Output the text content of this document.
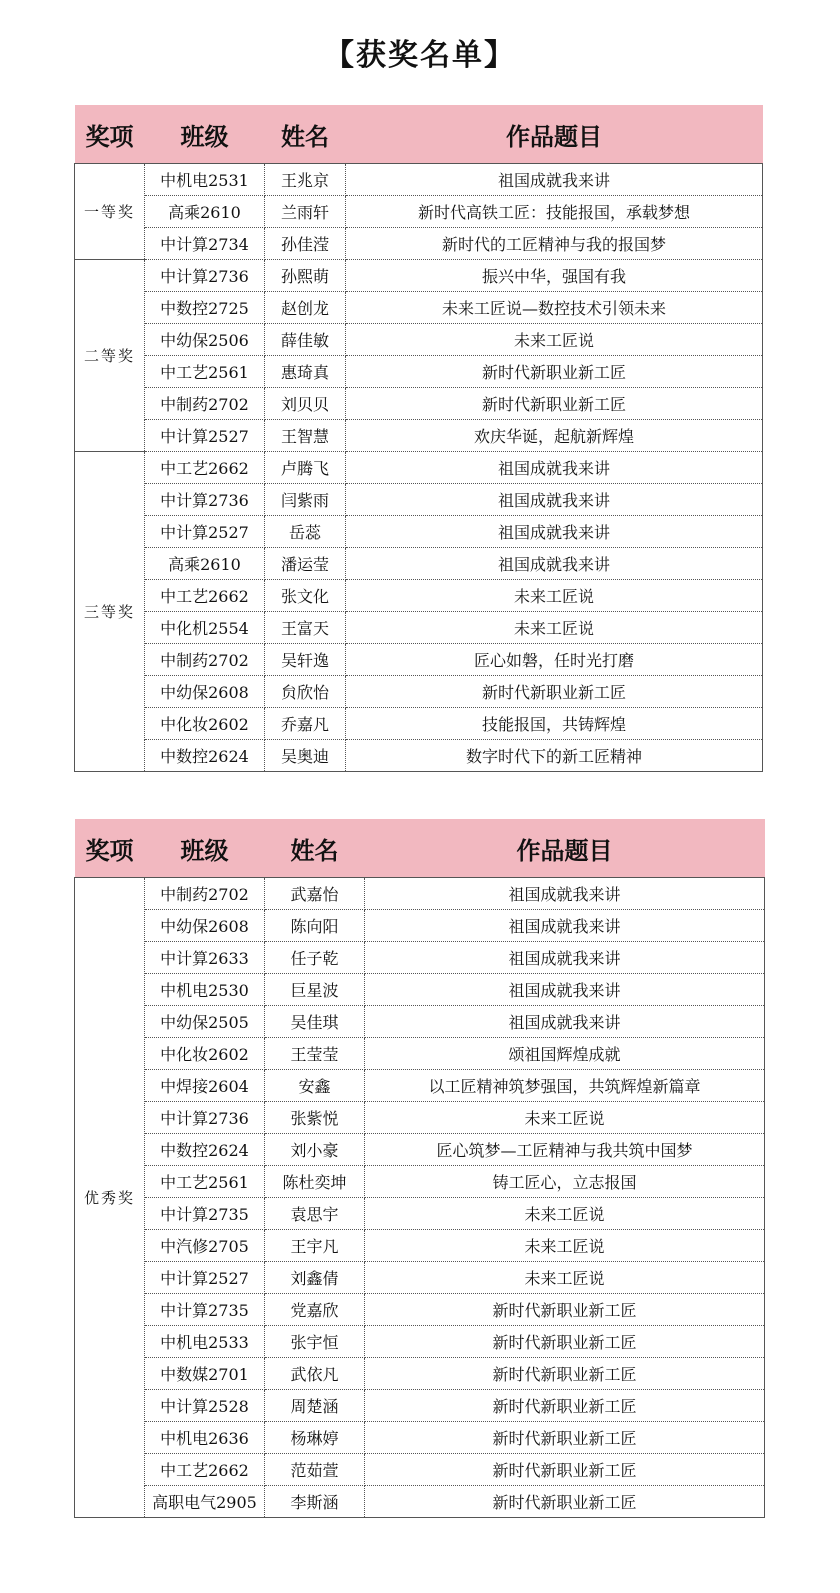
【获奖名单】
奖项	班级	姓名	作品题目
一等奖	中机电2531	王兆京	祖国成就我来讲
	高乘2610	兰雨轩	新时代高铁工匠：技能报国，承载梦想
	中计算2734	孙佳滢	新时代的工匠精神与我的报国梦
二等奖	中计算2736	孙熙萌	振兴中华，强国有我
	中数控2725	赵创龙	未来工匠说—数控技术引领未来
	中幼保2506	薛佳敏	未来工匠说
	中工艺2561	惠琦真	新时代新职业新工匠
	中制药2702	刘贝贝	新时代新职业新工匠
	中计算2527	王智慧	欢庆华诞，起航新辉煌
三等奖	中工艺2662	卢腾飞	祖国成就我来讲
	中计算2736	闫紫雨	祖国成就我来讲
	中计算2527	岳蕊	祖国成就我来讲
	高乘2610	潘运莹	祖国成就我来讲
	中工艺2662	张文化	未来工匠说
	中化机2554	王富天	未来工匠说
	中制药2702	吴轩逸	匠心如磐，任时光打磨
	中幼保2608	贠欣怡	新时代新职业新工匠
	中化妆2602	乔嘉凡	技能报国，共铸辉煌
	中数控2624	吴奥迪	数字时代下的新工匠精神
奖项	班级	姓名	作品题目
优秀奖	中制药2702	武嘉怡	祖国成就我来讲
	中幼保2608	陈向阳	祖国成就我来讲
	中计算2633	任子乾	祖国成就我来讲
	中机电2530	巨星波	祖国成就我来讲
	中幼保2505	吴佳琪	祖国成就我来讲
	中化妆2602	王莹莹	颂祖国辉煌成就
	中焊接2604	安鑫	以工匠精神筑梦强国，共筑辉煌新篇章
	中计算2736	张紫悦	未来工匠说
	中数控2624	刘小豪	匠心筑梦—工匠精神与我共筑中国梦
	中工艺2561	陈杜奕坤	铸工匠心，立志报国
	中计算2735	袁思宇	未来工匠说
	中汽修2705	王宇凡	未来工匠说
	中计算2527	刘鑫倩	未来工匠说
	中计算2735	党嘉欣	新时代新职业新工匠
	中机电2533	张宇恒	新时代新职业新工匠
	中数媒2701	武依凡	新时代新职业新工匠
	中计算2528	周楚涵	新时代新职业新工匠
	中机电2636	杨琳婷	新时代新职业新工匠
	中工艺2662	范茹萱	新时代新职业新工匠
	高职电气2905	李斯涵	新时代新职业新工匠
